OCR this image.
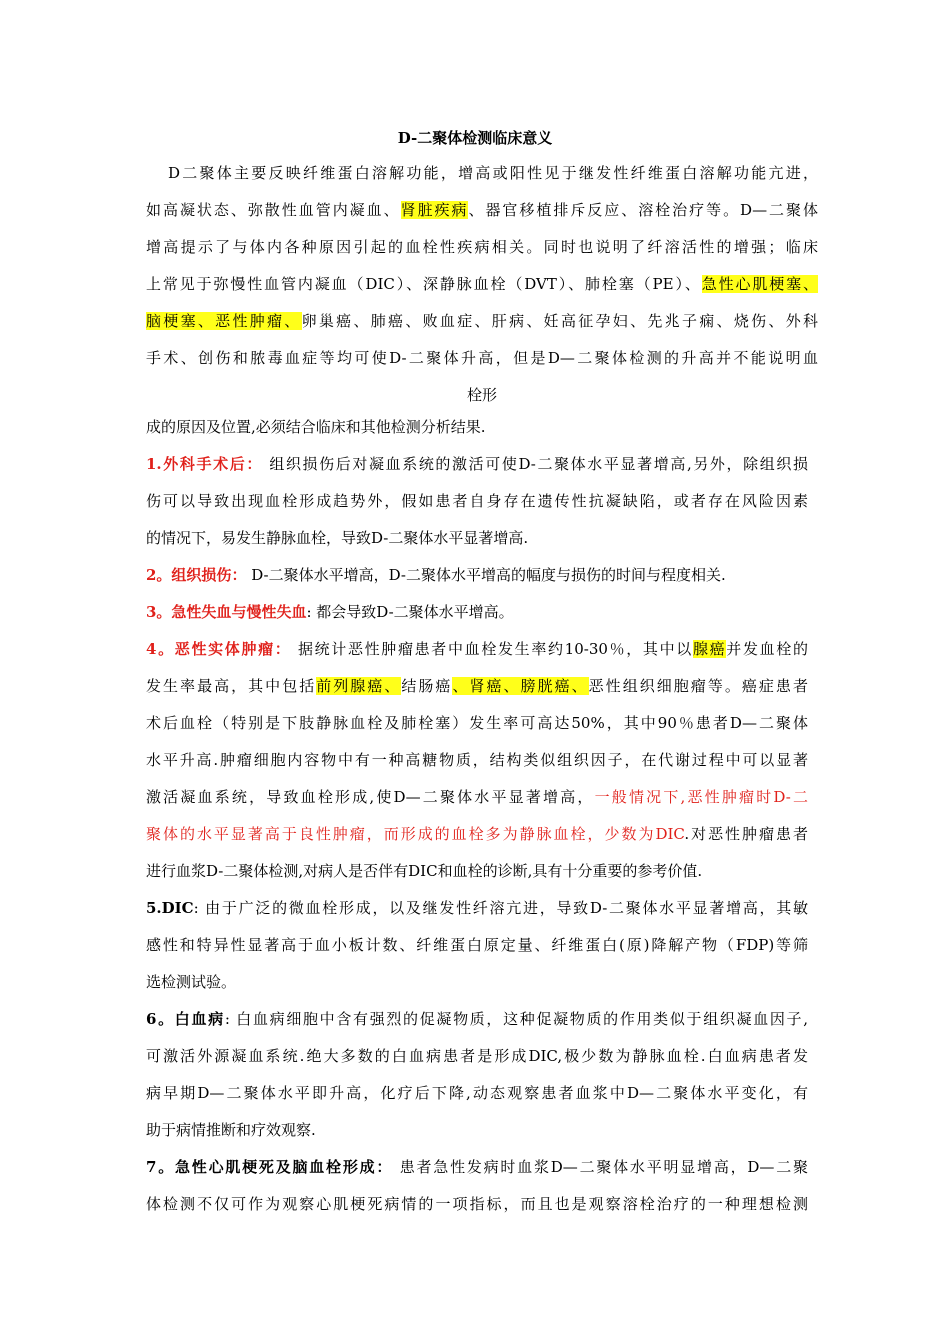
D-二聚体检测临床意义
D二聚体主要反映纤维蛋白溶解功能，增高或阳性见于继发性纤维蛋白溶解功能亢进，
如高凝状态、弥散性血管内凝血、肾脏疾病、器官移植排斥反应、溶栓治疗等。D—二聚体
增高提示了与体内各种原因引起的血栓性疾病相关。同时也说明了纤溶活性的增强；临床
上常见于弥慢性血管内凝血（DIC）、深静脉血栓（DVT）、肺栓塞（PE）、急性心肌梗塞、
脑梗塞、恶性肿瘤、卵巢癌、肺癌、败血症、肝病、妊高征孕妇、先兆子痫、烧伤、外科
手术、创伤和脓毒血症等均可使D-二聚体升高，但是D—二聚体检测的升高并不能说明血
栓形
成的原因及位置,必须结合临床和其他检测分析结果.
1.外科手术后： 组织损伤后对凝血系统的激活可使D-二聚体水平显著增高,另外，除组织损
伤可以导致出现血栓形成趋势外，假如患者自身存在遗传性抗凝缺陷，或者存在风险因素
的情况下，易发生静脉血栓，导致D-二聚体水平显著增高.
2。组织损伤： D-二聚体水平增高，D-二聚体水平增高的幅度与损伤的时间与程度相关.
3。急性失血与慢性失血: 都会导致D-二聚体水平增高。
4。恶性实体肿瘤： 据统计恶性肿瘤患者中血栓发生率约10-30％，其中以腺癌并发血栓的
发生率最高，其中包括前列腺癌、结肠癌、肾癌、膀胱癌、恶性组织细胞瘤等。癌症患者
术后血栓（特别是下肢静脉血栓及肺栓塞）发生率可高达50%，其中90％患者D—二聚体
水平升高.肿瘤细胞内容物中有一种高糖物质，结构类似组织因子，在代谢过程中可以显著
激活凝血系统，导致血栓形成,使D—二聚体水平显著增高，一般情况下,恶性肿瘤时D-二
聚体的水平显著高于良性肿瘤，而形成的血栓多为静脉血栓，少数为DIC.对恶性肿瘤患者
进行血浆D-二聚体检测,对病人是否伴有DIC和血栓的诊断,具有十分重要的参考价值.
5.DIC: 由于广泛的微血栓形成，以及继发性纤溶亢进，导致D-二聚体水平显著增高，其敏
感性和特异性显著高于血小板计数、纤维蛋白原定量、纤维蛋白(原)降解产物（FDP)等筛
选检测试验。
6。白血病: 白血病细胞中含有强烈的促凝物质，这种促凝物质的作用类似于组织凝血因子,
可激活外源凝血系统.绝大多数的白血病患者是形成DIC,极少数为静脉血栓.白血病患者发
病早期D—二聚体水平即升高，化疗后下降,动态观察患者血浆中D—二聚体水平变化，有
助于病情推断和疗效观察.
7。急性心肌梗死及脑血栓形成： 患者急性发病时血浆D—二聚体水平明显增高，D—二聚
体检测不仅可作为观察心肌梗死病情的一项指标，而且也是观察溶栓治疗的一种理想检测
